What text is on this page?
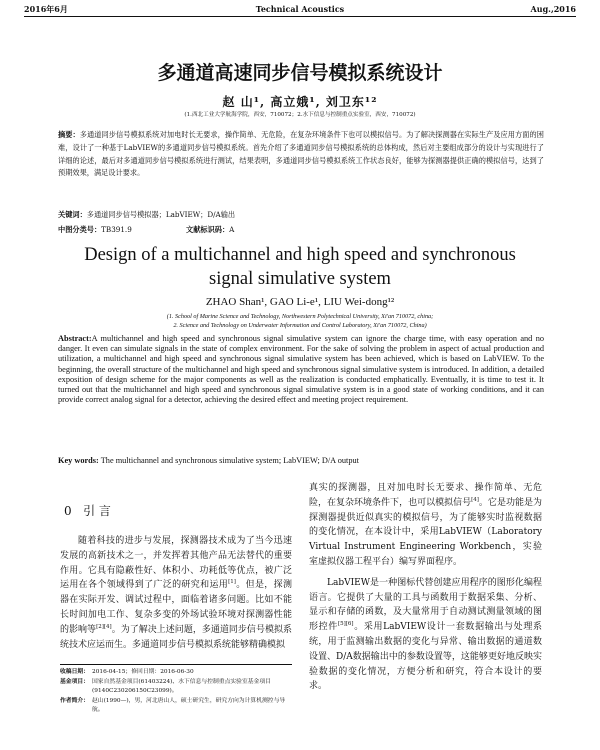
2016年6月	Technical Acoustics	Aug.,2016
多通道高速同步信号模拟系统设计
赵 山¹, 高立娥¹, 刘卫东¹²
(1.西北工业大学航海学院，西安，710072；2.水下信息与控制重点实验室，西安，710072)
摘要：多通道同步信号模拟系统对加电时长无要求，操作简单、无危险，在复杂环境条件下也可以模拟信号。为了解决探测器在实际生产及应用方面的困难，设计了一种基于LabVIEW的多通道同步信号模拟系统。首先介绍了多通道同步信号模拟系统的总体构成，然后对主要组成部分的设计与实现进行了详细的论述，最后对多通道同步信号模拟系统进行测试，结果表明，多通道同步信号模拟系统工作状态良好，能够为探测器提供正确的模拟信号，达到了预期效果，满足设计要求。
关键词：多通道同步信号模拟器；LabVIEW；D/A输出
中图分类号：TB391.9	文献标识码：A
Design of a multichannel and high speed and synchronous
signal simulative system
ZHAO Shan¹, GAO Li-e¹, LIU Wei-dong¹²
(1. School of Marine Science and Technology, Northwestern Polytechnical University, Xi'an 710072, china;
2. Science and Technology on Underwater Information and Control Laboratory, Xi'an 710072, China)
Abstract:A multichannel and high speed and synchronous signal simulative system can ignore the charge time, with easy operation and no danger. It even can simulate signals in the state of complex environment. For the sake of solving the problem in aspect of actual production and utilization, a multichannel and high speed and synchronous signal simulative system has been achieved, which is based on LabVIEW. To the beginning, the overall structure of the multichannel and high speed and synchronous signal simulative system is introduced. In addition, a detailed exposition of design scheme for the major components as well as the realization is conducted emphatically. Eventually, it is time to test it. It turned out that the multichannel and high speed and synchronous signal simulative system is in a good state of working conditions, and it can provide correct analog signal for a detector, achieving the desired effect and meeting project requirement.
Key words: The multichannel and synchronous simulative system; LabVIEW; D/A output
0 引 言

随着科技的进步与发展，探测器技术成为了当今迅速发展的高新技术之一，并发挥着其他产品无法替代的重要作用。它具有隐蔽性好、体积小、功耗低等优点，被广泛运用在各个领域得到了广泛的研究和运用[1]。但是，探测器在实际开发、调试过程中，面临着诸多问题。比如不能长时间加电工作、复杂多变的外场试验环境对探测器性能的影响等[2][4]。为了解决上述问题，多通道同步信号模拟系统技术应运而生。多通道同步信号模拟系统能够精确模拟

真实的探测器，且对加电时长无要求、操作简单、无危险，在复杂环境条件下，也可以模拟信号[4]。它是功能是为探测器提供近似真实的模拟信号，为了能够实时监视数据的变化情况，在本设计中，采用LabVIEW（Laboratory Virtual Instrument Engineering Workbench，实验室虚拟仪器工程平台）编写界面程序。

LabVIEW是一种图标代替创建应用程序的图形化编程语言。它提供了大量的工具与函数用于数据采集、分析、显示和存储的函数，及大量常用于自动测试测量领域的图形控件[5][6]。采用LabVIEW设计一套数据输出与处理系统，用于监测输出数据的变化与异常、输出数据的通道数设置、D/A数据输出中的参数设置等，这能够更好地反映实验数据的变化情况，方便分析和研究，符合本设计的要求。

收稿日期： 2016-04-15；修回日期：2016-06-30
基金项目： 国家自然基金项目(61403224)、水下信息与控制重点实验室基金项目(9140C230206150C23099)。
作者简介： 赵山(1990—)，男，河北唐山人，硕士研究生，研究方向为计算机测控与导航。
